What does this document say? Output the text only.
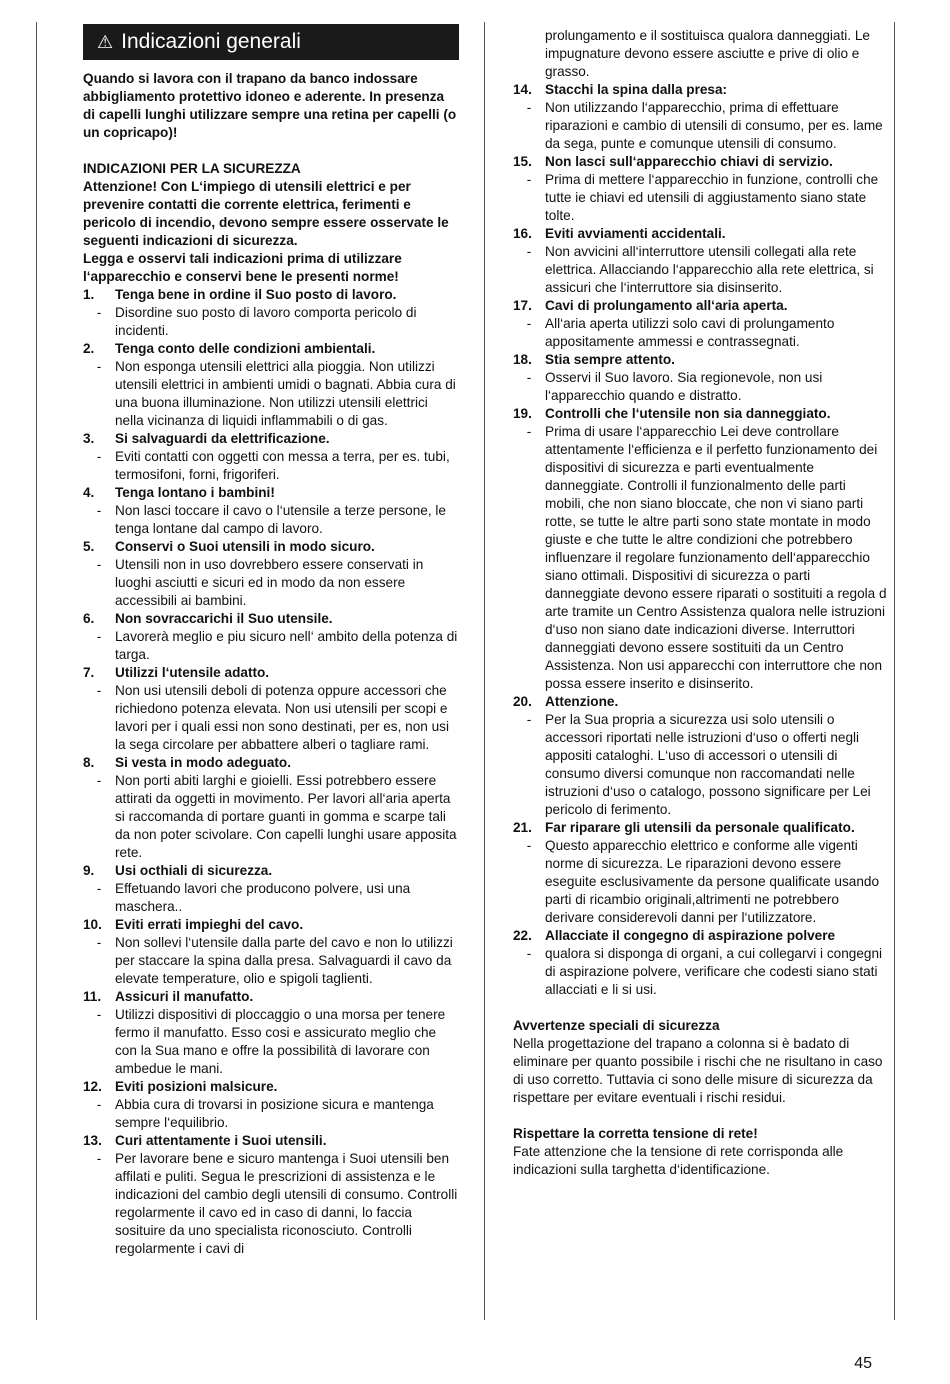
⚠ Indicazioni generali

Quando si lavora con il trapano da banco indossare abbigliamento protettivo idoneo e aderente. In presenza di capelli lunghi utilizzare sempre una retina per capelli (o un copricapo)!

INDICAZIONI PER LA SICUREZZA

Attenzione! Con L‘impiego di utensili elettrici e per prevenire contatti die corrente elettrica, ferimenti e pericolo di incendio, devono sempre essere osservate le seguenti indicazioni di sicurezza.

Legga e osservi tali indicazioni prima di utilizzare l‘apparecchio e conservi bene le presenti norme!

1.	Tenga bene in ordine il Suo posto di lavoro.
-	Disordine suo posto di lavoro comporta pericolo di incidenti.
2.	Tenga conto delle condizioni ambientali.
-	Non esponga utensili elettrici alla pioggia. Non utilizzi utensili elettrici in ambienti umidi o bagnati. Abbia cura di una buona illuminazione. Non utilizzi utensili elettrici nella vicinanza di liquidi inflammabili o di gas.
3.	Si salvaguardi da elettrificazione.
-	Eviti contatti con oggetti con messa a terra, per es. tubi, termosifoni, forni, frigoriferi.
4.	Tenga lontano i bambini!
-	Non lasci toccare il cavo o l‘utensile a terze persone, le tenga lontane dal campo di lavoro.
5.	Conservi o Suoi utensili in modo sicuro.
-	Utensili non in uso dovrebbero essere conservati in luoghi asciutti e sicuri ed in modo da non essere accessibili ai bambini.
6.	Non sovraccarichi il Suo utensile.
-	Lavorerà meglio e piu sicuro nell‘ ambito della potenza di targa.
7.	Utilizzi l‘utensile adatto.
-	Non usi utensili deboli di potenza oppure accessori che richiedono potenza elevata. Non usi utensili per scopi e lavori per i quali essi non sono destinati, per es, non usi la sega circolare per abbattere alberi o tagliare rami.
8.	Si vesta in modo adeguato.
-	Non porti abiti larghi e gioielli. Essi potrebbero essere attirati da oggetti in movimento. Per lavori all‘aria aperta si raccomanda di portare guanti in gomma e scarpe tali da non poter scivolare. Con capelli lunghi usare apposita rete.
9.	Usi octhiali di sicurezza.
-	Effetuando lavori che producono polvere, usi una maschera..
10. Eviti errati impieghi del cavo.
-	Non sollevi l‘utensile dalla parte del cavo e non lo utilizzi per staccare la spina dalla presa. Salvaguardi il cavo da elevate temperature, olio e spigoli taglienti.
11.	Assicuri il manufatto.
-	Utilizzi dispositivi di ploccaggio o una morsa per tenere fermo il manufatto. Esso cosi e assicurato meglio che con la Sua mano e offre la possibilità di lavorare con ambedue le mani.
12. Eviti posizioni malsicure.
-	Abbia cura di trovarsi in posizione sicura e mantenga sempre l‘equilibrio.
13. Curi attentamente i Suoi utensili.
-	Per lavorare bene e sicuro mantenga i Suoi utensili ben affilati e puliti. Segua le prescrizioni di assistenza e le indicazioni del cambio degli utensili di consumo. Controlli regolarmente il cavo ed in caso di danni, lo faccia sosituire da uno specialista riconosciuto. Controlli regolarmente i cavi di
prolungamento e il sostituisca qualora danneggiati. Le impugnature devono essere asciutte e prive di olio e grasso.
14. Stacchi la spina dalla presa:
-	Non utilizzando l‘apparecchio, prima di effettuare riparazioni e cambio di utensili di consumo, per es. lame da sega, punte e comunque utensili di consumo.
15. Non lasci sull‘apparecchio chiavi di servizio.
-	Prima di mettere l‘apparecchio in funzione, controlli che tutte ie chiavi ed utensili di aggiustamento siano state tolte.
16. Eviti avviamenti accidentali.
-	Non avvicini all‘interruttore utensili collegati alla rete elettrica. Allacciando l‘apparecchio alla rete elettrica, si assicuri che l‘interruttore sia disinserito.
17. Cavi di prolungamento all‘aria aperta.
-	All‘aria aperta utilizzi solo cavi di prolungamento appositamente ammessi e contrassegnati.
18. Stia sempre attento.
-	Osservi il Suo lavoro. Sia regionevole, non usi l‘apparecchio quando e distratto.
19. Controlli che l‘utensile non sia danneggiato.
-	Prima di usare l‘apparecchio Lei deve controllare attentamente l‘efficienza e il perfetto funzionamento dei dispositivi di sicurezza e parti eventualmente danneggiate. Controlli il funzionalmento delle parti mobili, che non siano bloccate, che non vi siano parti rotte, se tutte le altre parti sono state montate in modo giuste e che tutte le altre condizioni che potrebbero influenzare il regolare funzionamento dell‘apparecchio siano ottimali. Dispositivi di sicurezza o parti danneggiate devono essere riparati o sostituiti a regola d arte tramite un Centro Assistenza qualora nelle istruzioni d‘uso non siano date indicazioni diverse. Interruttori danneggiati devono essere sostituiti da un Centro Assistenza. Non usi apparecchi con interruttore che non possa essere inserito e disinserito.
20. Attenzione.
-	Per la Sua propria a sicurezza usi solo utensili o accessori riportati nelle istruzioni d‘uso o offerti negli appositi cataloghi. L‘uso di accessori o utensili di consumo diversi comunque non raccomandati nelle istruzioni d‘uso o catalogo, possono significare per Lei pericolo di ferimento.
21. Far riparare gli utensili da personale qualificato.
-	Questo apparecchio elettrico e conforme alle vigenti norme di sicurezza. Le riparazioni devono essere eseguite esclusivamente da persone qualificate usando parti di ricambio originali,altrimenti ne potrebbero derivare considerevoli danni per l‘utilizzatore.
22. Allacciate il congegno di aspirazione polvere
-	qualora si disponga di organi, a cui collegarvi i congegni di aspirazione polvere, verificare che codesti siano stati allacciati e li si usi.

Avvertenze speciali di sicurezza

Nella progettazione del trapano a colonna si è badato di eliminare per quanto possibile i rischi che ne risultano in caso di uso corretto. Tuttavia ci sono delle misure di sicurezza da rispettare per evitare eventuali i rischi residui.

Rispettare la corretta tensione di rete!

Fate attenzione che la tensione di rete corrisponda alle indicazioni sulla targhetta d‘identificazione.

45
